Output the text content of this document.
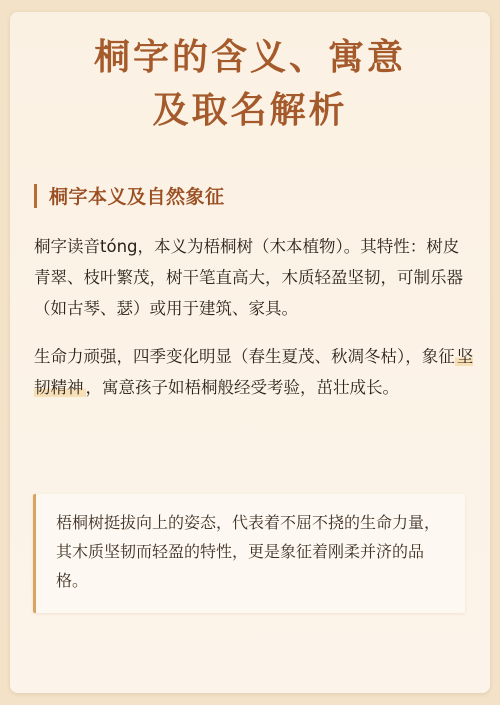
桐字的含义、寓意
及取名解析
桐字本义及自然象征

桐字读音tóng，本义为梧桐树（木本植物）。其特性：树皮青翠、枝叶繁茂，树干笔直高大，木质轻盈坚韧，可制乐器（如古琴、瑟）或用于建筑、家具。

生命力顽强，四季变化明显（春生夏茂、秋凋冬枯），象征 坚韧精神 ，寓意孩子如梧桐般经受考验，茁壮成长。

梧桐树挺拔向上的姿态，代表着不屈不挠的生命力量，其木质坚韧而轻盈的特性，更是象征着刚柔并济的品格。
